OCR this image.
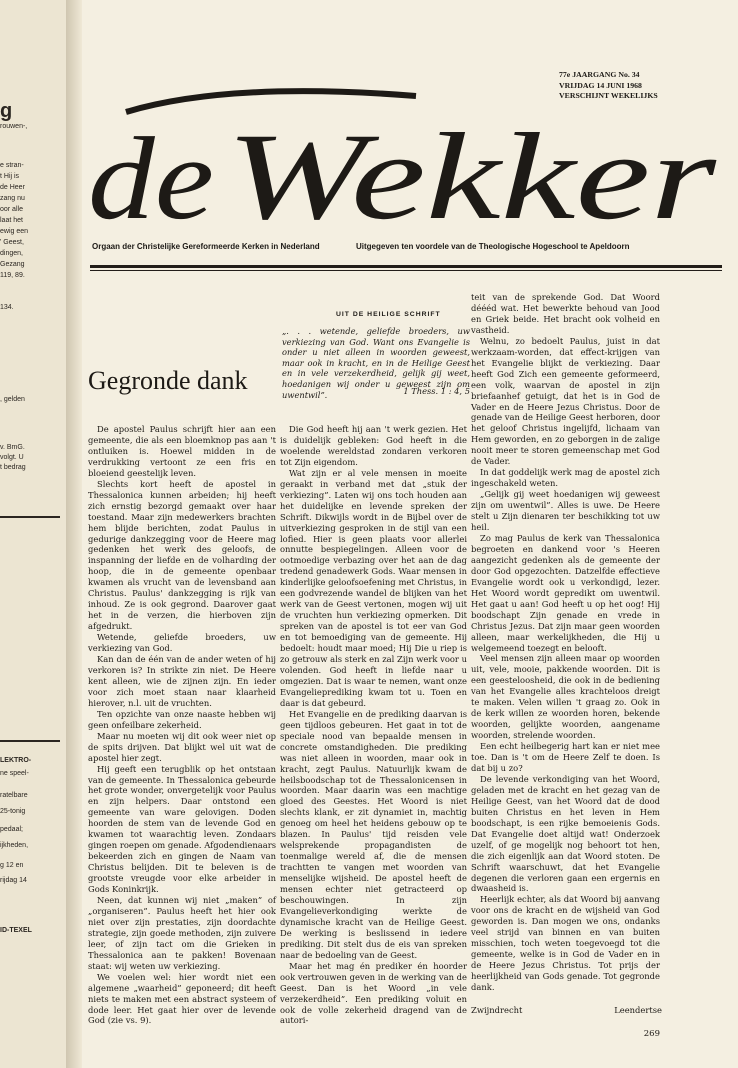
g
rouwen-,
e stran-
t Hij is
de Heer
zang nu
oor alle
laat het
ewig een
' Geest,
dingen,
Gezang
119, 89.
134.
, gelden
v. BmG.
volgt. U
t bedrag
LEKTRO-
ne speel-
ratelbare
25-tonig
pedaal;
ijkheden,
g 12 en
rijdag 14
ID-TEXEL
77e JAARGANG No. 34
VRIJDAG 14 JUNI 1968
VERSCHIJNT WEKELIJKS
de Wekker
Orgaan der Christelijke Gereformeerde Kerken in Nederland	Uitgegeven ten voordele van de Theologische Hogeschool te Apeldoorn
UIT DE HEILIGE SCHRIFT
„. . . wetende, geliefde broeders, uw verkiezing van God. Want ons Evangelie is onder u niet alleen in woorden geweest, maar ook in kracht, en in de Heilige Geest en in vele verzekerdheid, gelijk gij weet, hoedanigen wij onder u geweest zijn om uwentwil”.	1 Thess. 1 : 4, 5
Gegronde dank

De apostel Paulus schrijft hier aan een gemeente, die als een bloemknop pas aan 't ontluiken is. Hoewel midden in de verdrukking vertoont ze een fris en bloeiend geestelijk leven.

Slechts kort heeft de apostel in Thessalonica kunnen arbeiden; hij heeft zich ernstig bezorgd gemaakt over haar toestand. Maar zijn medewerkers brachten hem blijde berichten, zodat Paulus in gedurige dankzegging voor de Heere mag gedenken het werk des geloofs, de inspanning der liefde en de volharding der hoop, die in de gemeente openbaar kwamen als vrucht van de levensband aan Christus. Paulus' dankzegging is rijk van inhoud. Ze is ook gegrond. Daarover gaat het in de verzen, die hierboven zijn afgedrukt.

Wetende, geliefde broeders, uw verkiezing van God.

Kan dan de één van de ander weten of hij verkoren is? In strikte zin niet. De Heere kent alleen, wie de zijnen zijn. En ieder voor zich moet staan naar klaarheid hierover, n.l. uit de vruchten.

Ten opzichte van onze naaste hebben wij geen onfeilbare zekerheid.

Maar nu moeten wij dit ook weer niet op de spits drijven. Dat blijkt wel uit wat de apostel hier zegt.

Hij geeft een terugblik op het ontstaan van de gemeente. In Thessalonica gebeurde het grote wonder, onvergetelijk voor Paulus en zijn helpers. Daar ontstond een gemeente van ware gelovigen. Doden hoorden de stem van de levende God en kwamen tot waarachtig leven. Zondaars gingen roepen om genade. Afgodendienaars bekeerden zich en gingen de Naam van Christus belijden. Dit te beleven is de grootste vreugde voor elke arbeider in Gods Koninkrijk.

Neen, dat kunnen wij niet „maken” of „organiseren”. Paulus heeft het hier ook niet over zijn prestaties, zijn doordachte strategie, zijn goede methoden, zijn zuivere leer, of zijn tact om die Grieken in Thessalonica aan te pakken! Bovenaan staat: wij weten uw verkiezing.

We voelen wel: hier wordt niet een algemene „waarheid” geponeerd; dit heeft niets te maken met een abstract systeem of dode leer. Het gaat hier over de levende God (zie vs. 9).

Die God heeft hij aan 't werk gezien. Het is duidelijk gebleken: God heeft in die woelende wereldstad zondaren verkoren tot Zijn eigendom.

Wat zijn er al vele mensen in moeite geraakt in verband met dat „stuk der verkiezing”. Laten wij ons toch houden aan het duidelijke en levende spreken der Schrift. Dikwijls wordt in de Bijbel over de uitverkiezing gesproken in de stijl van een lofied. Hier is geen plaats voor allerlei onnutte bespiegelingen. Alleen voor de ootmoedige verbazing over het aan de dag tredend genadewerk Gods. Waar mensen in kinderlijke geloofsoefening met Christus, in een godvrezende wandel de blijken van het werk van de Geest vertonen, mogen wij uit de vruchten hun verkiezing opmerken. Dit spreken van de apostel is tot eer van God en tot bemoediging van de gemeente. Hij bedoelt: houdt maar moed; Hij Die u riep is zo getrouw als sterk en zal Zijn werk voor u volenden. God heeft in liefde naar u omgezien. Dat is waar te nemen, want onze Evangelieprediking kwam tot u. Toen en daar is dat gebeurd.

Het Evangelie en de prediking daarvan is geen tijdloos gebeuren. Het gaat in tot de speciale nood van bepaalde mensen in concrete omstandigheden. Die prediking was niet alleen in woorden, maar ook in kracht, zegt Paulus. Natuurlijk kwam de heilsboodschap tot de Thessalonicensen in woorden. Maar daarin was een machtige gloed des Geestes. Het Woord is niet slechts klank, er zit dynamiet in, machtig genoeg om heel het heidens gebouw op te blazen. In Paulus' tijd reisden vele welsprekende propagandisten de toenmalige wereld af, die de mensen trachtten te vangen met woorden van menselijke wijsheid. De apostel heeft de mensen echter niet getracteerd op beschouwingen. In zijn Evangelieverkondiging werkte de dynamische kracht van de Heilige Geest. De werking is beslissend in iedere prediking. Dit stelt dus de eis van spreken naar de bedoeling van de Geest.

Maar het mag én prediker én hoorder ook vertrouwen geven in de werking van de Geest. Dan is het Woord „in vele verzekerdheid”. Een prediking voluit en ook de volle zekerheid dragend van de autori-

teit van de sprekende God. Dat Woord déééd wat. Het bewerkte behoud van Jood en Griek beide. Het bracht ook volheid en vastheid.

Welnu, zo bedoelt Paulus, juist in dat werkzaam-worden, dat effect-krijgen van het Evangelie blijkt de verkiezing. Daar heeft God Zich een gemeente geformeerd, een volk, waarvan de apostel in zijn briefaanhef getuigt, dat het is in God de Vader en de Heere Jezus Christus. Door de genade van de Heilige Geest herboren, door het geloof Christus ingelijfd, lichaam van Hem geworden, en zo geborgen in de zalige nooit meer te storen gemeenschap met God de Vader.

In dat goddelijk werk mag de apostel zich ingeschakeld weten.

„Gelijk gij weet hoedanigen wij geweest zijn om uwentwil”. Alles is uwe. De Heere stelt u Zijn dienaren ter beschikking tot uw heil.

Zo mag Paulus de kerk van Thessalonica begroeten en dankend voor 's Heeren aangezicht gedenken als de gemeente der door God opgezochten. Datzelfde effectieve Evangelie wordt ook u verkondigd, lezer. Het Woord wordt gepredikt om uwentwil. Het gaat u aan! God heeft u op het oog! Hij boodschapt Zijn genade en vrede in Christus Jezus. Dat zijn maar geen woorden alleen, maar werkelijkheden, die Hij u welgemeend toezegt en belooft.

Veel mensen zijn alleen maar op woorden uit, vele, mooie, pakkende woorden. Dit is een geesteloosheid, die ook in de bediening van het Evangelie alles krachteloos dreigt te maken. Velen willen 't graag zo. Ook in de kerk willen ze woorden horen, bekende woorden, gelijkte woorden, aangename woorden, strelende woorden.

Een echt heilbegerig hart kan er niet mee toe. Dan is 't om de Heere Zelf te doen. Is dat bij u zo?

De levende verkondiging van het Woord, geladen met de kracht en het gezag van de Heilige Geest, van het Woord dat de dood buiten Christus en het leven in Hem boodschapt, is een rijke bemoeienis Gods. Dat Evangelie doet altijd wat! Onderzoek uzelf, of ge mogelijk nog behoort tot hen, die zich eigenlijk aan dat Woord stoten. De Schrift waarschuwt, dat het Evangelie degenen die verloren gaan een ergernis en dwaasheid is.

Heerlijk echter, als dat Woord bij aanvang voor ons de kracht en de wijsheid van God geworden is. Dan mogen we ons, ondanks veel strijd van binnen en van buiten misschien, toch weten toegevoegd tot die gemeente, welke is in God de Vader en in de Heere Jezus Christus. Tot prijs der heerlijkheid van Gods genade. Tot gegronde dank.

Zwijndrecht	Leendertse
269
